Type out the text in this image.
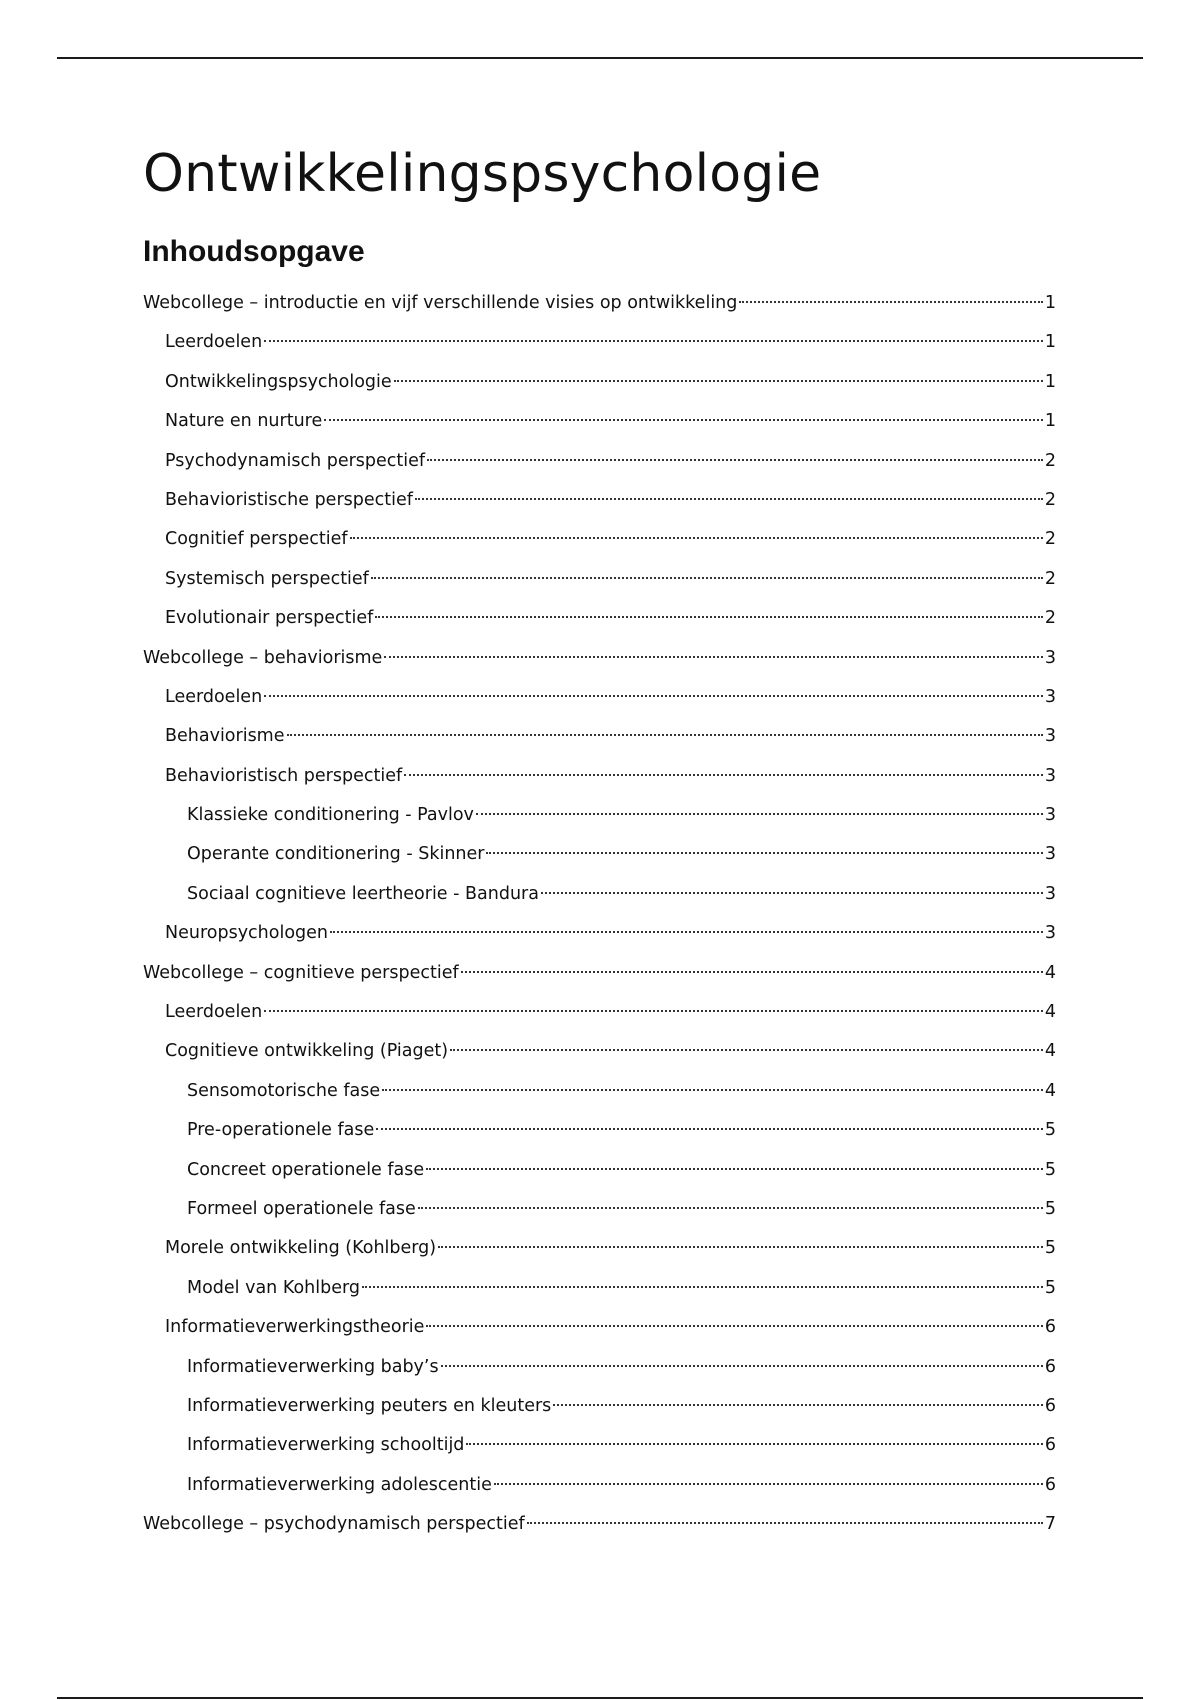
Ontwikkelingspsychologie
Inhoudsopgave
Webcollege – introductie en vijf verschillende visies op ontwikkeling	1
Leerdoelen	1
Ontwikkelingspsychologie	1
Nature en nurture	1
Psychodynamisch perspectief	2
Behavioristische perspectief	2
Cognitief perspectief	2
Systemisch perspectief	2
Evolutionair perspectief	2
Webcollege – behaviorisme	3
Leerdoelen	3
Behaviorisme	3
Behavioristisch perspectief	3
Klassieke conditionering - Pavlov	3
Operante conditionering - Skinner	3
Sociaal cognitieve leertheorie - Bandura	3
Neuropsychologen	3
Webcollege – cognitieve perspectief	4
Leerdoelen	4
Cognitieve ontwikkeling (Piaget)	4
Sensomotorische fase	4
Pre-operationele fase	5
Concreet operationele fase	5
Formeel operationele fase	5
Morele ontwikkeling (Kohlberg)	5
Model van Kohlberg	5
Informatieverwerkingstheorie	6
Informatieverwerking baby’s	6
Informatieverwerking peuters en kleuters	6
Informatieverwerking schooltijd	6
Informatieverwerking adolescentie	6
Webcollege – psychodynamisch perspectief	7
